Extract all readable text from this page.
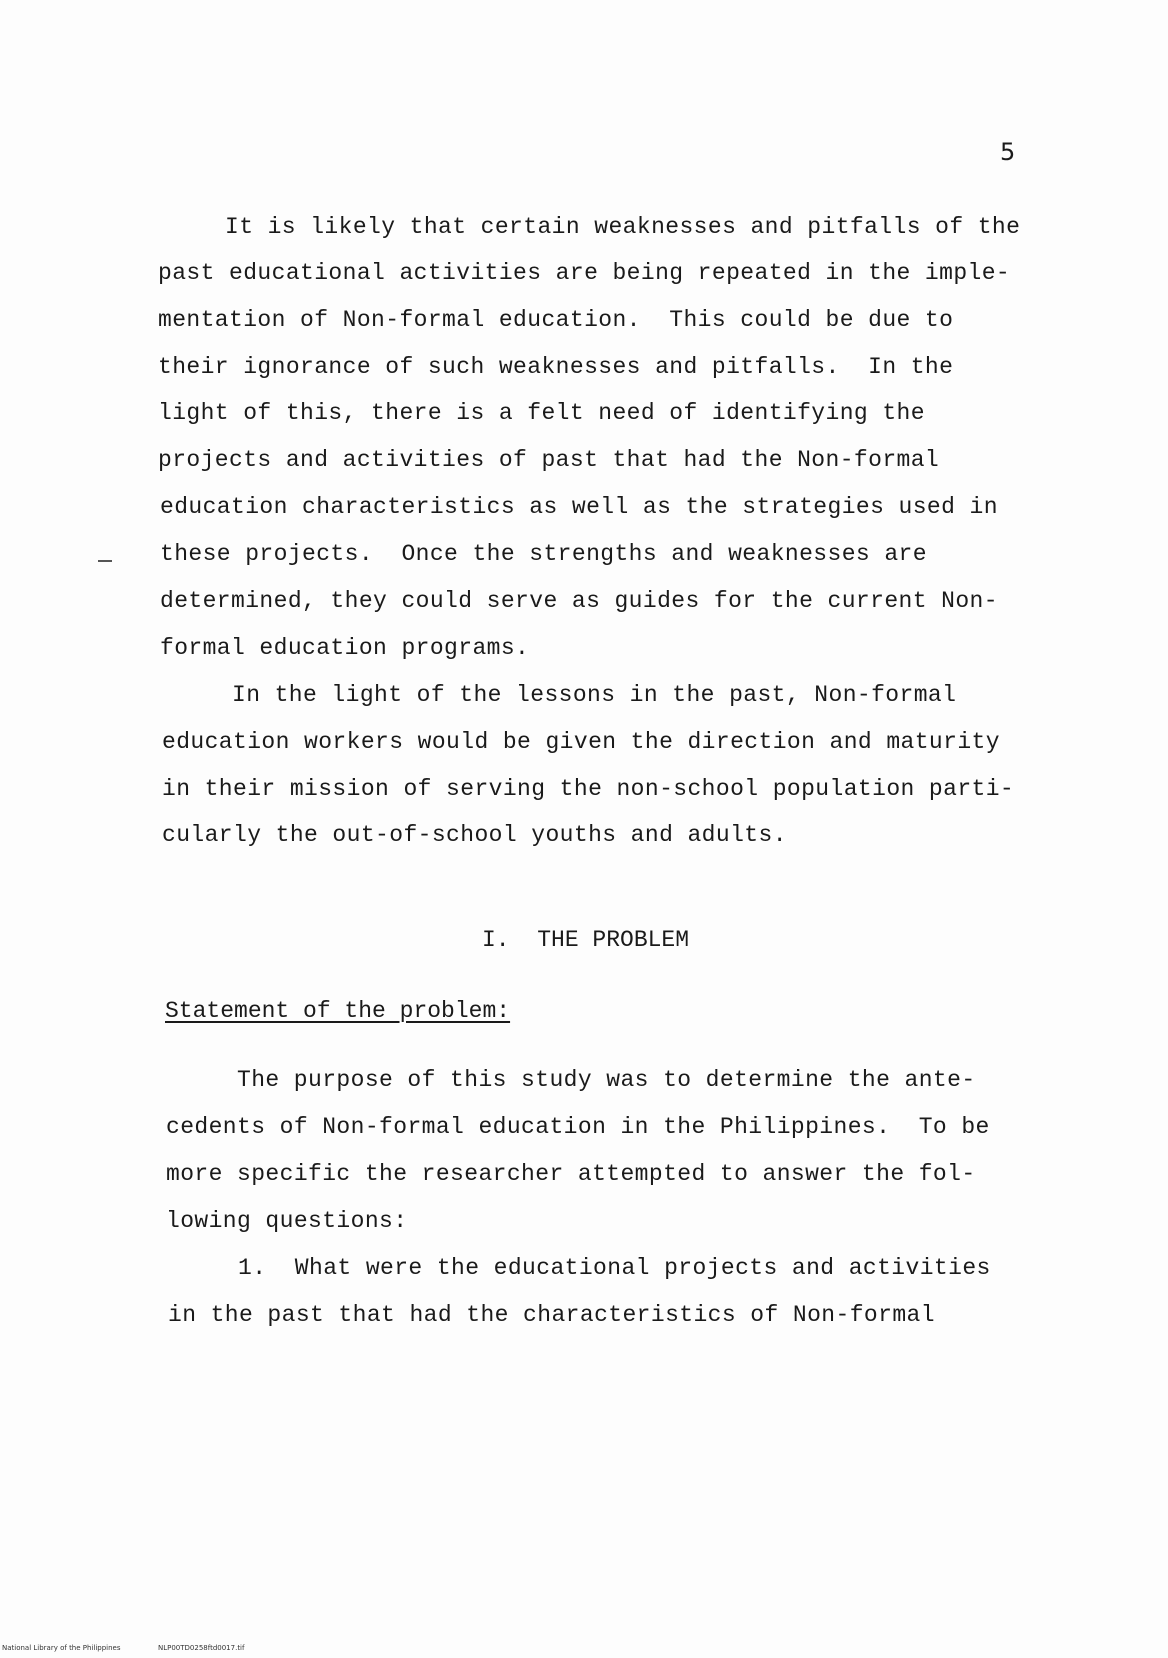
5
It is likely that certain weaknesses and pitfalls of the
past educational activities are being repeated in the imple-
mentation of Non-formal education.  This could be due to
their ignorance of such weaknesses and pitfalls.  In the
light of this, there is a felt need of identifying the
projects and activities of past that had the Non-formal
education characteristics as well as the strategies used in
these projects.  Once the strengths and weaknesses are
determined, they could serve as guides for the current Non-
formal education programs.
In the light of the lessons in the past, Non-formal
education workers would be given the direction and maturity
in their mission of serving the non-school population parti-
cularly the out-of-school youths and adults.
I.  THE PROBLEM
Statement of the problem:
The purpose of this study was to determine the ante-
cedents of Non-formal education in the Philippines.  To be
more specific the researcher attempted to answer the fol-
lowing questions:
1.  What were the educational projects and activities
in the past that had the characteristics of Non-formal
National Library of the Philippines	NLP00TD0258ftd0017.tif
